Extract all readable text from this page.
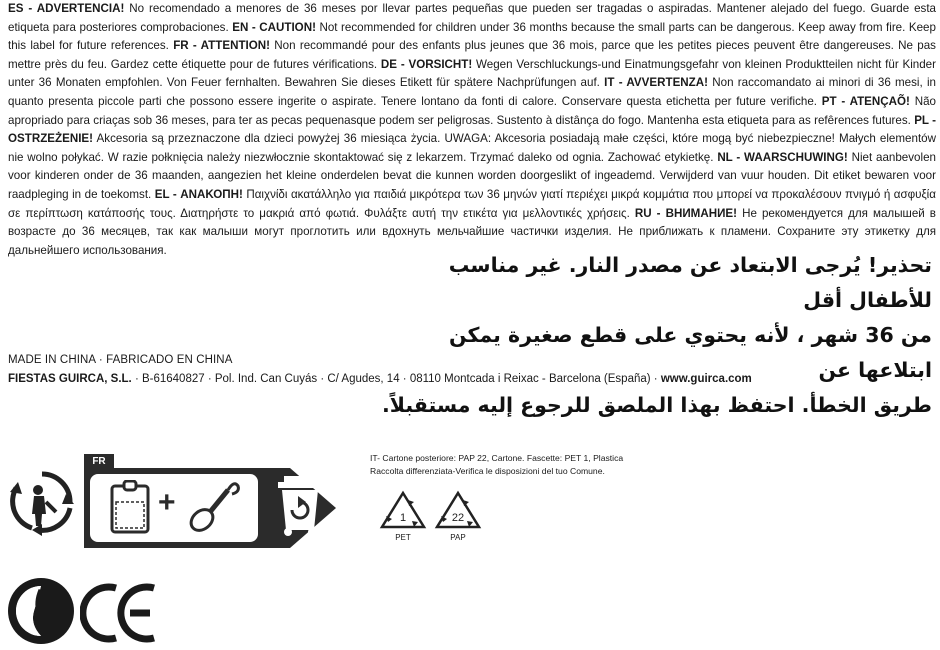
ES - ADVERTENCIA! No recomendado a menores de 36 meses por llevar partes pequeñas que pueden ser tragadas o aspiradas. Mantener alejado del fuego. Guarde esta etiqueta para posteriores comprobaciones. EN - CAUTION! Not recommended for children under 36 months because the small parts can be dangerous. Keep away from fire. Keep this label for future references. FR - ATTENTION! Non recommandé pour des enfants plus jeunes que 36 mois, parce que les petites pieces peuvent être dangereuses. Ne pas mettre près du feu. Gardez cette étiquette pour de futures vérifications. DE - VORSICHT! Wegen Verschluckungs-und Einatmungsgefahr von kleinen Produktteilen nicht für Kinder unter 36 Monaten empfohlen. Von Feuer fernhalten. Bewahren Sie dieses Etikett für spätere Nachprüfungen auf. IT - AVVERTENZA! Non raccomandato ai minori di 36 mesi, in quanto presenta piccole parti che possono essere ingerite o aspirate. Tenere lontano da fonti di calore. Conservare questa etichetta per future verifiche. PT - ATENÇAÕ! Não apropriado para criaças sob 36 meses, para ter as pecas pequenasque podem ser peligrosas. Sustento à distânça do fogo. Mantenha esta etiqueta para as refêrences futures. PL - OSTRZEŻENIE! Akcesoria są przeznaczone dla dzieci powyżej 36 miesiąca życia. UWAGA: Akcesoria posiadają małe części, które mogą być niebezpieczne! Małych elementów nie wolno połykać. W razie połknięcia należy niezwłocznie skontaktować się z lekarzem. Trzymać daleko od ognia. Zachować etykietkę. NL - WAARSCHUWING! Niet aanbevolen voor kinderen onder de 36 maanden, aangezien het kleine onderdelen bevat die kunnen worden doorgeslikt of ingeademd. Verwijderd van vuur houden. Dit etiket bewaren voor raadpleging in de toekomst. EL - ΑΝΑΚΟΠΗ! Παιχνίδι ακατάλληλο για παιδιά μικρότερα των 36 μηνών γιατί περιέχει μικρά κομμάτια που μπορεί να προκαλέσουν πνιγμό ή ασφυξία σε περίπτωση κατάποσής τους. Διατηρήστε το μακριά από φωτιά. Φυλάξτε αυτή την ετικέτα για μελλοντικές χρήσεις. RU - ВНИМАНИЕ! Не рекомендуется для малышей в возрасте до 36 месяцев, так как малыши могут проглотить или вдохнуть мельчайшие частички изделия. Не приближать к пламени. Сохраните эту этикетку для дальнейшего использования.
تحذير! يُرجى الابتعاد عن مصدر النار. غير مناسب للأطفال أقل
من 36 شهر ، لأنه يحتوي على قطع صغيرة يمكن ابتلاعها عن
طريق الخطأ. احتفظ بهذا الملصق للرجوع إليه مستقبلاً.
MADE IN CHINA · FABRICADO EN CHINA
FIESTAS GUIRCA, S.L. · B-61640827 · Pol. Ind. Can Cuyás · C/ Agudes, 14 · 08110 Montcada i Reixac - Barcelona (España) · www.guirca.com
FR
+
IT- Cartone posteriore: PAP 22, Cartone. Fascette: PET 1, Plastica
Raccolta differenziata-Verifica le disposizioni del tuo Comune.
1
PET
22
PAP
CE
